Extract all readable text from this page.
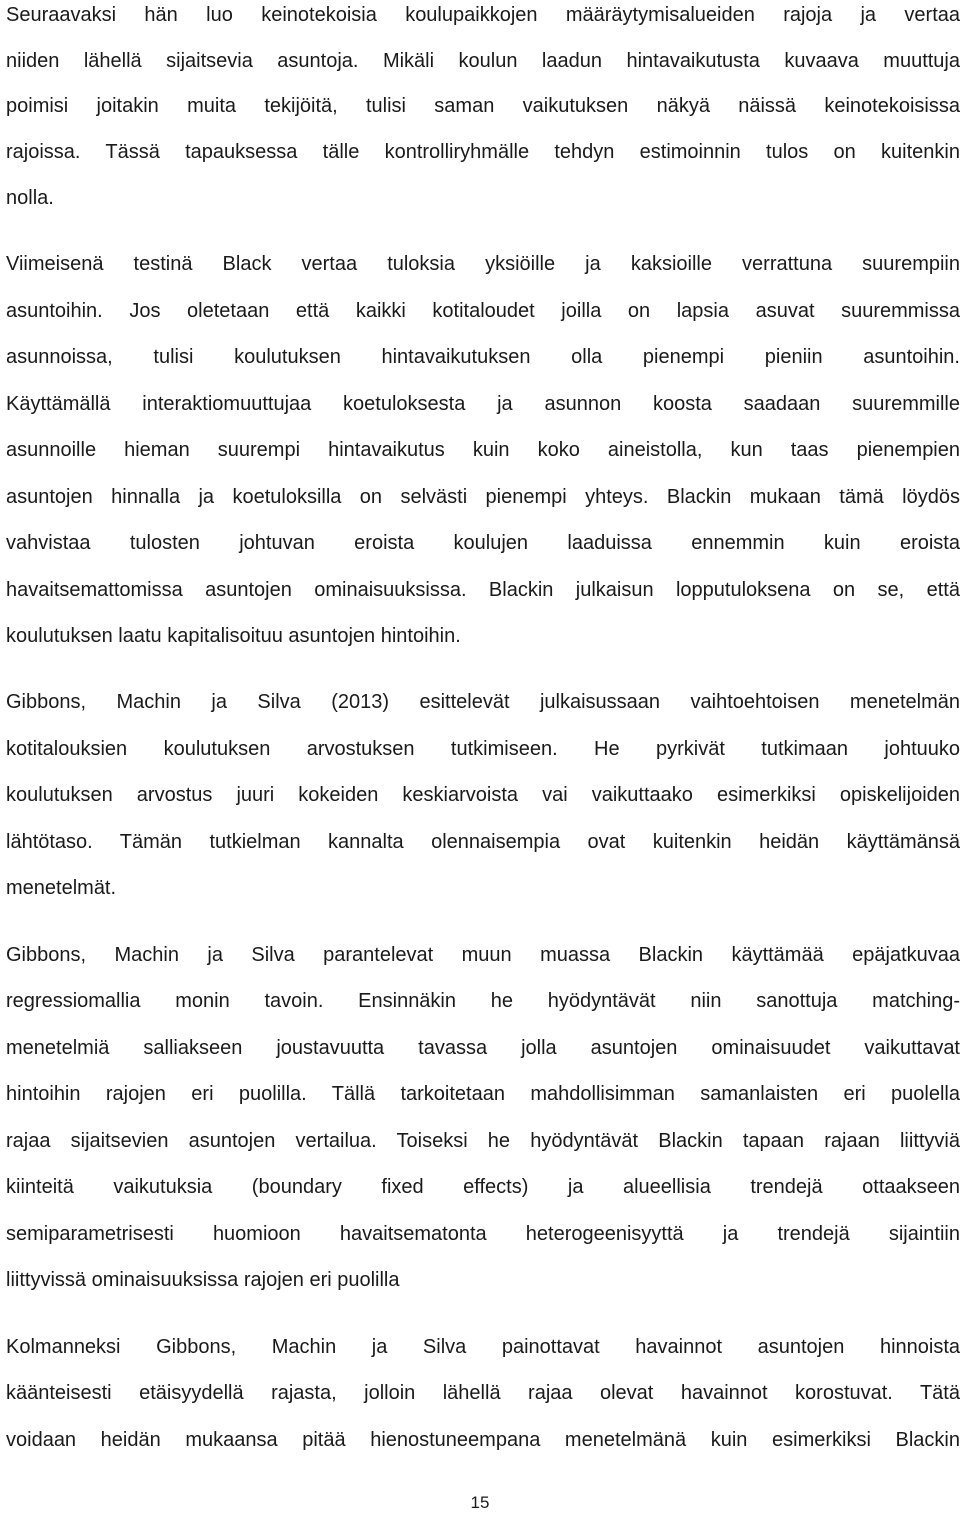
Seuraavaksi hän luo keinotekoisia koulupaikkojen määräytymisalueiden rajoja ja vertaa
niiden lähellä sijaitsevia asuntoja. Mikäli koulun laadun hintavaikutusta kuvaava muuttuja
poimisi joitakin muita tekijöitä, tulisi saman vaikutuksen näkyä näissä keinotekoisissa
rajoissa. Tässä tapauksessa tälle kontrolliryhmälle tehdyn estimoinnin tulos on kuitenkin
nolla.
Viimeisenä testinä Black vertaa tuloksia yksiöille ja kaksioille verrattuna suurempiin
asuntoihin. Jos oletetaan että kaikki kotitaloudet joilla on lapsia asuvat suuremmissa
asunnoissa, tulisi koulutuksen hintavaikutuksen olla pienempi pieniin asuntoihin.
Käyttämällä interaktiomuuttujaa koetuloksesta ja asunnon koosta saadaan suuremmille
asunnoille hieman suurempi hintavaikutus kuin koko aineistolla, kun taas pienempien
asuntojen hinnalla ja koetuloksilla on selvästi pienempi yhteys. Blackin mukaan tämä löydös
vahvistaa tulosten johtuvan eroista koulujen laaduissa ennemmin kuin eroista
havaitsemattomissa asuntojen ominaisuuksissa. Blackin julkaisun lopputuloksena on se, että
koulutuksen laatu kapitalisoituu asuntojen hintoihin.
Gibbons, Machin ja Silva (2013) esittelevät julkaisussaan vaihtoehtoisen menetelmän
kotitalouksien koulutuksen arvostuksen tutkimiseen. He pyrkivät tutkimaan johtuuko
koulutuksen arvostus juuri kokeiden keskiarvoista vai vaikuttaako esimerkiksi opiskelijoiden
lähtötaso. Tämän tutkielman kannalta olennaisempia ovat kuitenkin heidän käyttämänsä
menetelmät.
Gibbons, Machin ja Silva parantelevat muun muassa Blackin käyttämää epäjatkuvaa
regressiomallia monin tavoin. Ensinnäkin he hyödyntävät niin sanottuja matching-
menetelmiä salliakseen joustavuutta tavassa jolla asuntojen ominaisuudet vaikuttavat
hintoihin rajojen eri puolilla. Tällä tarkoitetaan mahdollisimman samanlaisten eri puolella
rajaa sijaitsevien asuntojen vertailua. Toiseksi he hyödyntävät Blackin tapaan rajaan liittyviä
kiinteitä vaikutuksia (boundary fixed effects) ja alueellisia trendejä ottaakseen
semiparametrisesti huomioon havaitsematonta heterogeenisyyttä ja trendejä sijaintiin
liittyvissä ominaisuuksissa rajojen eri puolilla
Kolmanneksi Gibbons, Machin ja Silva painottavat havainnot asuntojen hinnoista
käänteisesti etäisyydellä rajasta, jolloin lähellä rajaa olevat havainnot korostuvat. Tätä
voidaan heidän mukaansa pitää hienostuneempana menetelmänä kuin esimerkiksi Blackin
15
